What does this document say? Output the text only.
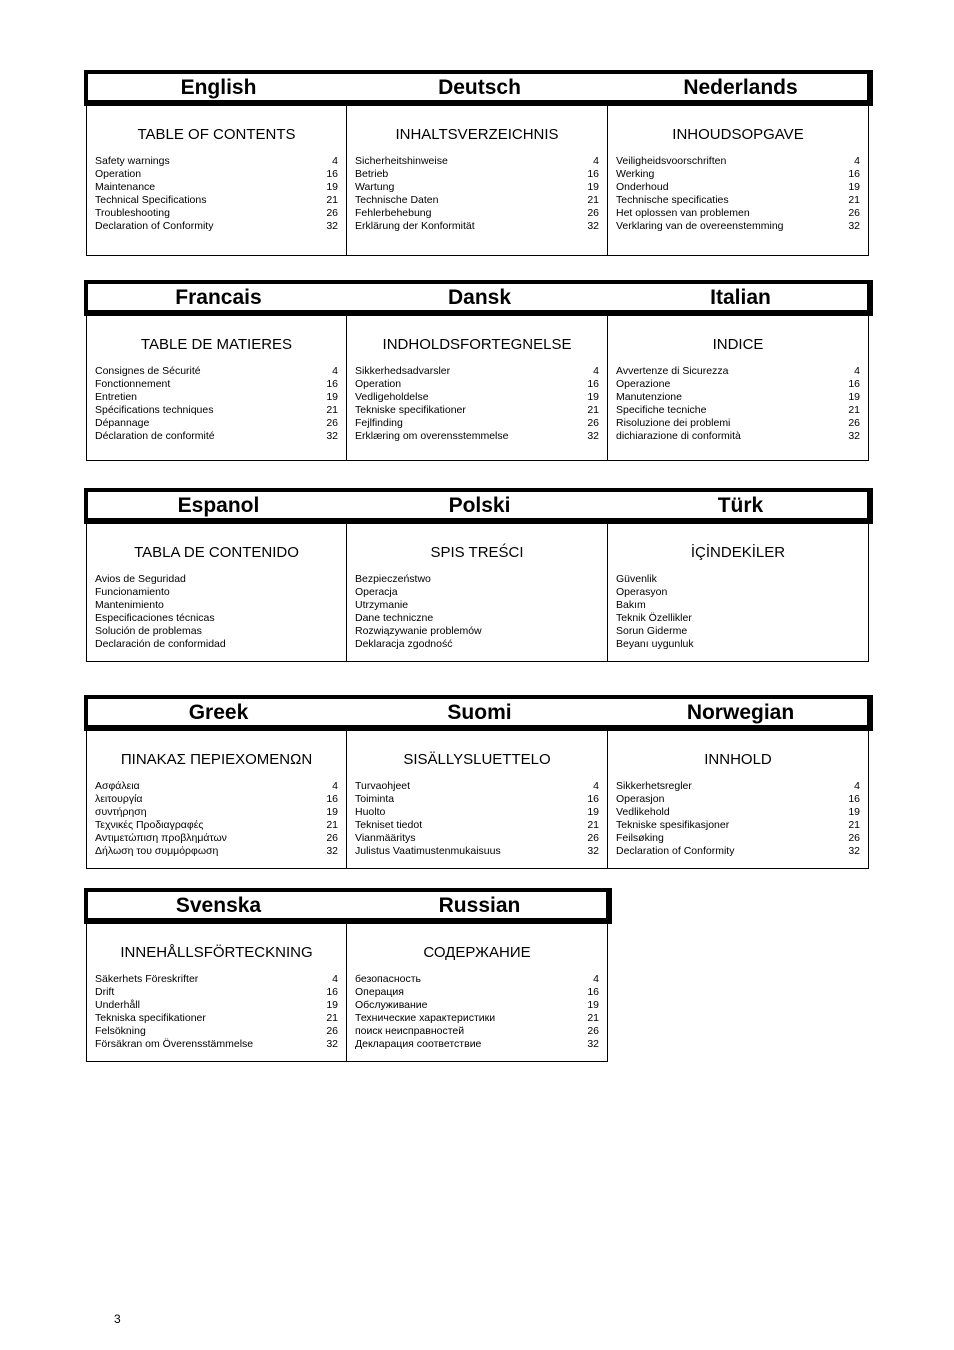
English	Deutsch	Nederlands
TABLE OF CONTENTS
Safety warnings	4
Operation	16
Maintenance	19
Technical Specifications	21
Troubleshooting	26
Declaration of Conformity	32
INHALTSVERZEICHNIS
Sicherheitshinweise	4
Betrieb	16
Wartung	19
Technische Daten	21
Fehlerbehebung	26
Erklärung der Konformität	32
INHOUDSOPGAVE
Veiligheidsvoorschriften	4
Werking	16
Onderhoud	19
Technische specificaties	21
Het oplossen van problemen	26
Verklaring van de overeenstemming	32
Francais	Dansk	Italian
TABLE DE MATIERES
Consignes de Sécurité	4
Fonctionnement	16
Entretien	19
Spécifications techniques	21
Dépannage	26
Déclaration de conformité	32
INDHOLDSFORTEGNELSE
Sikkerhedsadvarsler	4
Operation	16
Vedligeholdelse	19
Tekniske specifikationer	21
Fejlfinding	26
Erklæring om overensstemmelse	32
INDICE
Avvertenze di Sicurezza	4
Operazione	16
Manutenzione	19
Specifiche tecniche	21
Risoluzione dei problemi	26
dichiarazione di conformità	32
Espanol	Polski	Türk
TABLA DE CONTENIDO
Avios de Seguridad
Funcionamiento
Mantenimiento
Especificaciones técnicas
Solución de problemas
Declaración de conformidad
SPIS TREŚCI
Bezpieczeństwo
Operacja
Utrzymanie
Dane techniczne
Rozwiązywanie problemów
Deklaracja zgodność
İÇİNDEKİLER
Güvenlik
Operasyon
Bakım
Teknik Özellikler
Sorun Giderme
Beyanı uygunluk
Greek	Suomi	Norwegian
ΠΙΝΑΚΑΣ ΠΕΡΙΕΧΟΜΕΝΩΝ
Ασφάλεια	4
λειτουργία	16
συντήρηση	19
Τεχνικές Προδιαγραφές	21
Αντιμετώπιση προβλημάτων	26
Δήλωση του συμμόρφωση	32
SISÄLLYSLUETTELO
Turvaohjeet	4
Toiminta	16
Huolto	19
Tekniset tiedot	21
Vianmääritys	26
Julistus Vaatimustenmukaisuus	32
INNHOLD
Sikkerhetsregler	4
Operasjon	16
Vedlikehold	19
Tekniske spesifikasjoner	21
Feilsøking	26
Declaration of Conformity	32
Svenska	Russian
INNEHÅLLSFÖRTECKNING
Säkerhets Föreskrifter	4
Drift	16
Underhåll	19
Tekniska specifikationer	21
Felsökning	26
Försäkran om Överensstämmelse	32
СОДЕРЖАНИЕ
безопасность	4
Операция	16
Обслуживание	19
Технические характеристики	21
поиск неисправностей	26
Декларация соответствие	32
3
